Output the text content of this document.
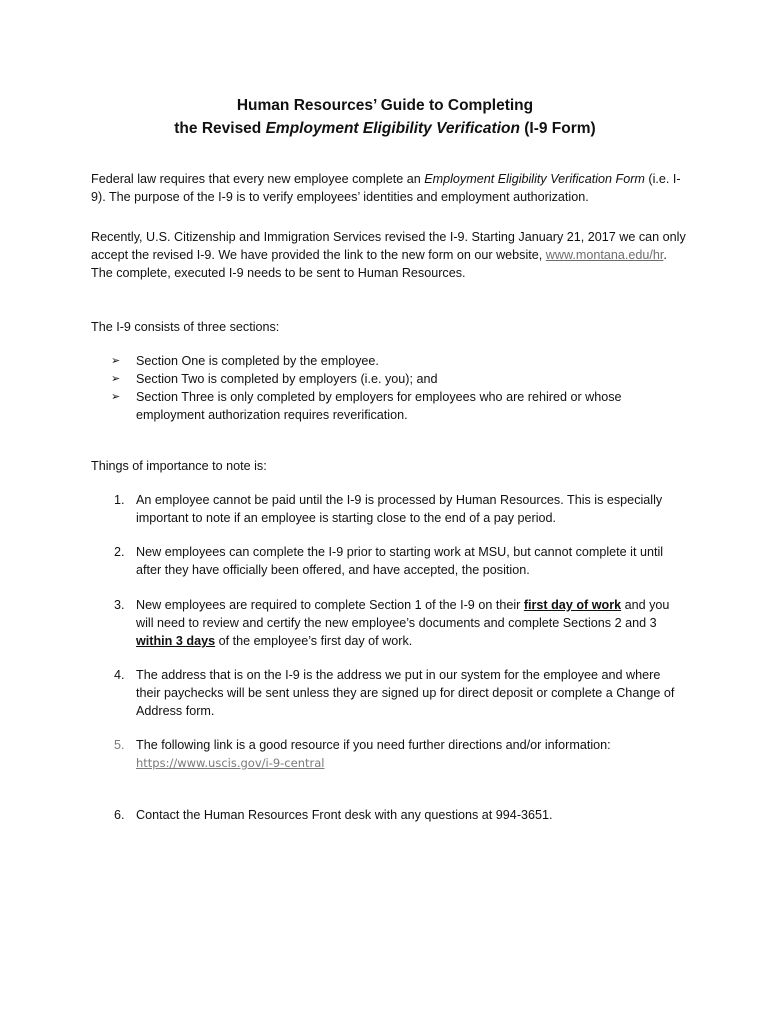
Human Resources’ Guide to Completing
the Revised Employment Eligibility Verification (I-9 Form)
Federal law requires that every new employee complete an Employment Eligibility Verification Form (i.e. I-9). The purpose of the I-9 is to verify employees’ identities and employment authorization.
Recently, U.S. Citizenship and Immigration Services revised the I-9. Starting January 21, 2017 we can only accept the revised I-9. We have provided the link to the new form on our website, www.montana.edu/hr. The complete, executed I-9 needs to be sent to Human Resources.
The I-9 consists of three sections:
➢ Section One is completed by the employee.
➢ Section Two is completed by employers (i.e. you); and
➢ Section Three is only completed by employers for employees who are rehired or whose employment authorization requires reverification.
Things of importance to note is:
1. An employee cannot be paid until the I-9 is processed by Human Resources. This is especially important to note if an employee is starting close to the end of a pay period.
2. New employees can complete the I-9 prior to starting work at MSU, but cannot complete it until after they have officially been offered, and have accepted, the position.
3. New employees are required to complete Section 1 of the I-9 on their first day of work and you will need to review and certify the new employee’s documents and complete Sections 2 and 3 within 3 days of the employee’s first day of work.
4. The address that is on the I-9 is the address we put in our system for the employee and where their paychecks will be sent unless they are signed up for direct deposit or complete a Change of Address form.
5. The following link is a good resource if you need further directions and/or information:
https://www.uscis.gov/i-9-central
6. Contact the Human Resources Front desk with any questions at 994-3651.
